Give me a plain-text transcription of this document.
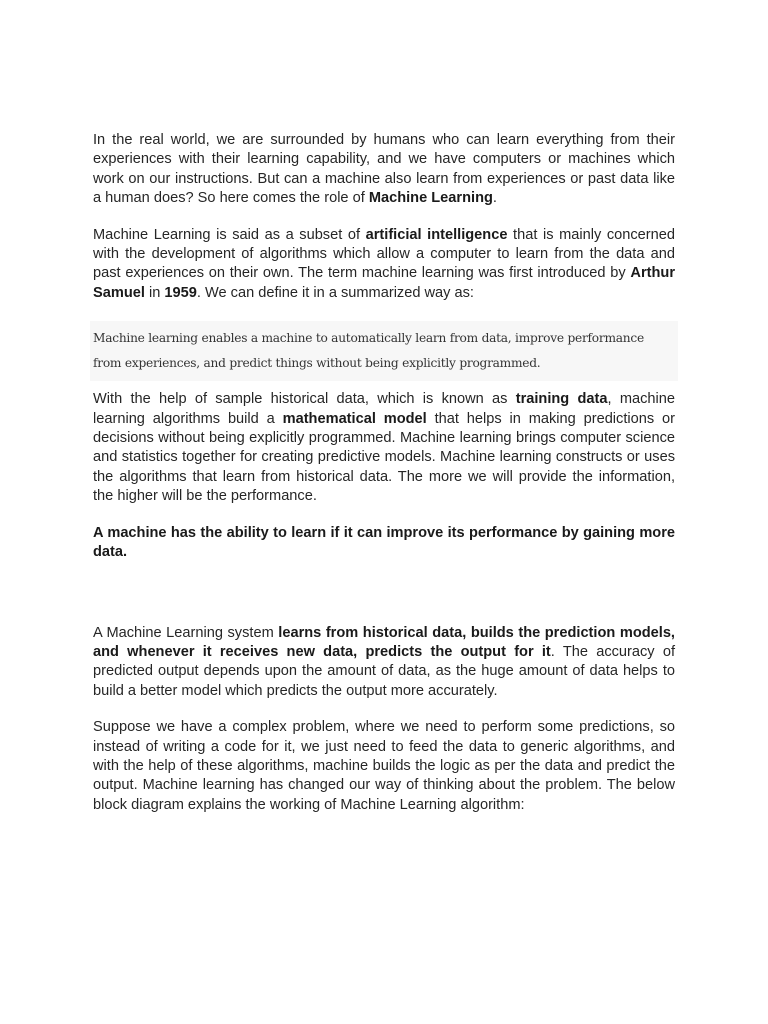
In the real world, we are surrounded by humans who can learn everything from their experiences with their learning capability, and we have computers or machines which work on our instructions. But can a machine also learn from experiences or past data like a human does? So here comes the role of Machine Learning.

Machine Learning is said as a subset of artificial intelligence that is mainly concerned with the development of algorithms which allow a computer to learn from the data and past experiences on their own. The term machine learning was first introduced by Arthur Samuel in 1959. We can define it in a summarized way as:

Machine learning enables a machine to automatically learn from data, improve performance from experiences, and predict things without being explicitly programmed.

With the help of sample historical data, which is known as training data, machine learning algorithms build a mathematical model that helps in making predictions or decisions without being explicitly programmed. Machine learning brings computer science and statistics together for creating predictive models. Machine learning constructs or uses the algorithms that learn from historical data. The more we will provide the information, the higher will be the performance.

A machine has the ability to learn if it can improve its performance by gaining more data.

A Machine Learning system learns from historical data, builds the prediction models, and whenever it receives new data, predicts the output for it. The accuracy of predicted output depends upon the amount of data, as the huge amount of data helps to build a better model which predicts the output more accurately.

Suppose we have a complex problem, where we need to perform some predictions, so instead of writing a code for it, we just need to feed the data to generic algorithms, and with the help of these algorithms, machine builds the logic as per the data and predict the output. Machine learning has changed our way of thinking about the problem. The below block diagram explains the working of Machine Learning algorithm:
